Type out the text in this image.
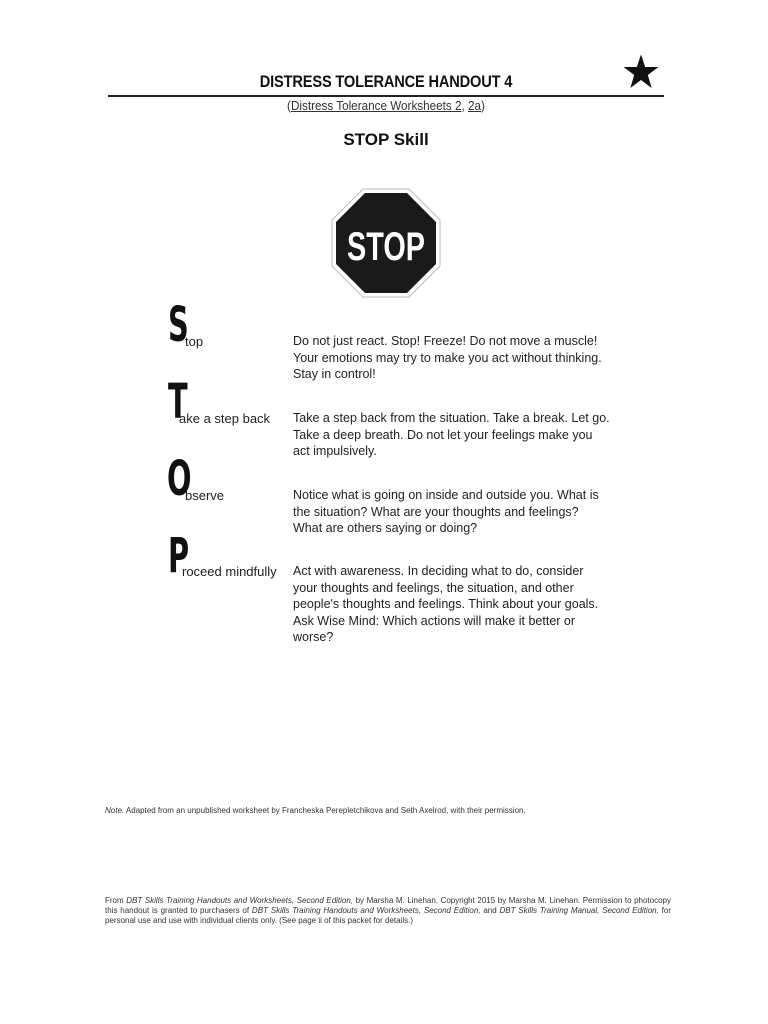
DISTRESS TOLERANCE HANDOUT 4
(Distress Tolerance Worksheets 2, 2a)
STOP Skill
STOP
S
top	Do not just react. Stop! Freeze! Do not move a muscle! Your emotions may try to make you act without thinking. Stay in control!
T
ake a step back Take a step back from the situation. Take a break. Let go. Take a deep breath. Do not let your feelings make you act impulsively.
O
bserve	Notice what is going on inside and outside you. What is the situation? What are your thoughts and feelings? What are others saying or doing?
P
roceed mindfully Act with awareness. In deciding what to do, consider your thoughts and feelings, the situation, and other people's thoughts and feelings. Think about your goals. Ask Wise Mind: Which actions will make it better or worse?
Note. Adapted from an unpublished worksheet by Francheska Perepletchikova and Seth Axelrod, with their permission.
From DBT Skills Training Handouts and Worksheets, Second Edition, by Marsha M. Linehan. Copyright 2015 by Marsha M. Linehan. Permission to photocopy this handout is granted to purchasers of DBT Skills Training Handouts and Worksheets, Second Edition, and DBT Skills Training Manual, Second Edition, for personal use and use with individual clients only. (See page ii of this packet for details.)
